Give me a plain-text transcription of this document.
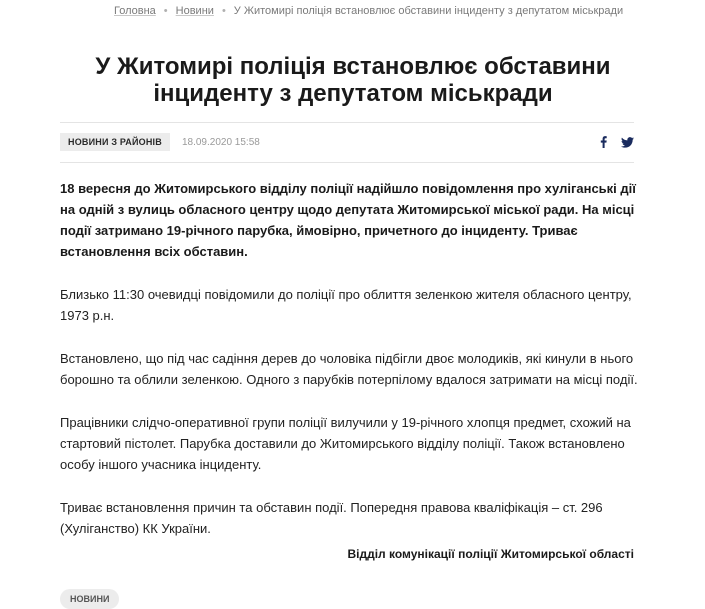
Головна • Новини • У Житомирі поліція встановлює обставини інциденту з депутатом міськради
У Житомирі поліція встановлює обставини
інциденту з депутатом міськради
НОВИНИ З РАЙОНІВ	18.09.2020 15:58

18 вересня до Житомирського відділу поліції надійшло повідомлення про хуліганські дії на одній з вулиць обласного центру щодо депутата Житомирської міської ради. На місці події затримано 19-річного парубка, ймовірно, причетного до інциденту. Триває встановлення всіх обставин.

Близько 11:30 очевидці повідомили до поліції про облиття зеленкою жителя обласного центру, 1973 р.н.

Встановлено, що під час садіння дерев до чоловіка підбігли двоє молодиків, які кинули в нього борошно та облили зеленкою. Одного з парубків потерпілому вдалося затримати на місці події.

Працівники слідчо-оперативної групи поліції вилучили у 19-річного хлопця предмет, схожий на стартовий пістолет. Парубка доставили до Житомирського відділу поліції. Також встановлено особу іншого учасника інциденту.

Триває встановлення причин та обставин події. Попередня правова кваліфікація – ст. 296 (Хуліганство) КК України.

Відділ комунікації поліції Житомирської області
НОВИНИ
